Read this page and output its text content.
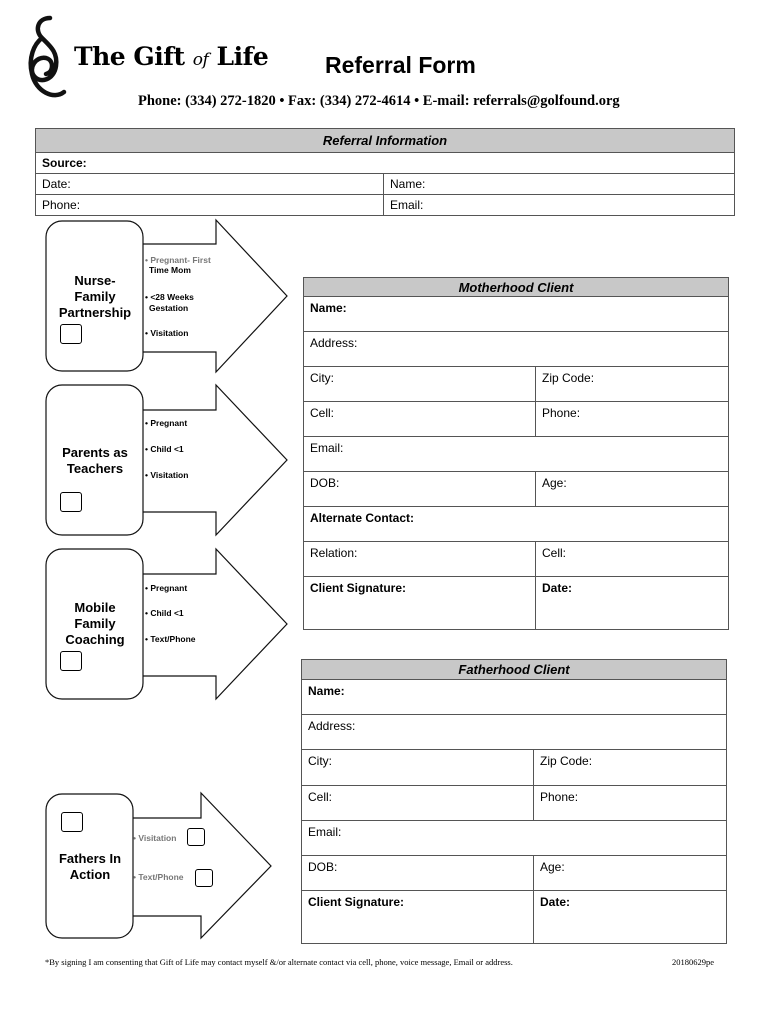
The Gift of Life Referral Form
Phone: (334) 272-1820 • Fax: (334) 272-4614 • E-mail: referrals@golfound.org
Referral Information	
Source:	
Date:	Name:
Phone:	Email:
Nurse-
Family
Partnership
• Pregnant- First
Time Mom
• <28 Weeks
Gestation
• Visitation
Parents as
Teachers
• Pregnant
• Child <1
• Visitation
Mobile
Family
Coaching
• Pregnant
• Child <1
• Text/Phone
Fathers In
Action
• Visitation
• Text/Phone
Motherhood Client	
Name:	
Address:	
City:	Zip Code:
Cell:	Phone:
Email:	
DOB:	Age:
Alternate Contact:	
Relation:	Cell:
Client Signature:	Date:
Fatherhood Client	
Name:	
Address:	
City:	Zip Code:
Cell:	Phone:
Email:	
DOB:	Age:
Client Signature:	Date:
*By signing I am consenting that Gift of Life may contact myself &/or alternate contact via cell, phone, voice message, Email or address.	20180629pe
